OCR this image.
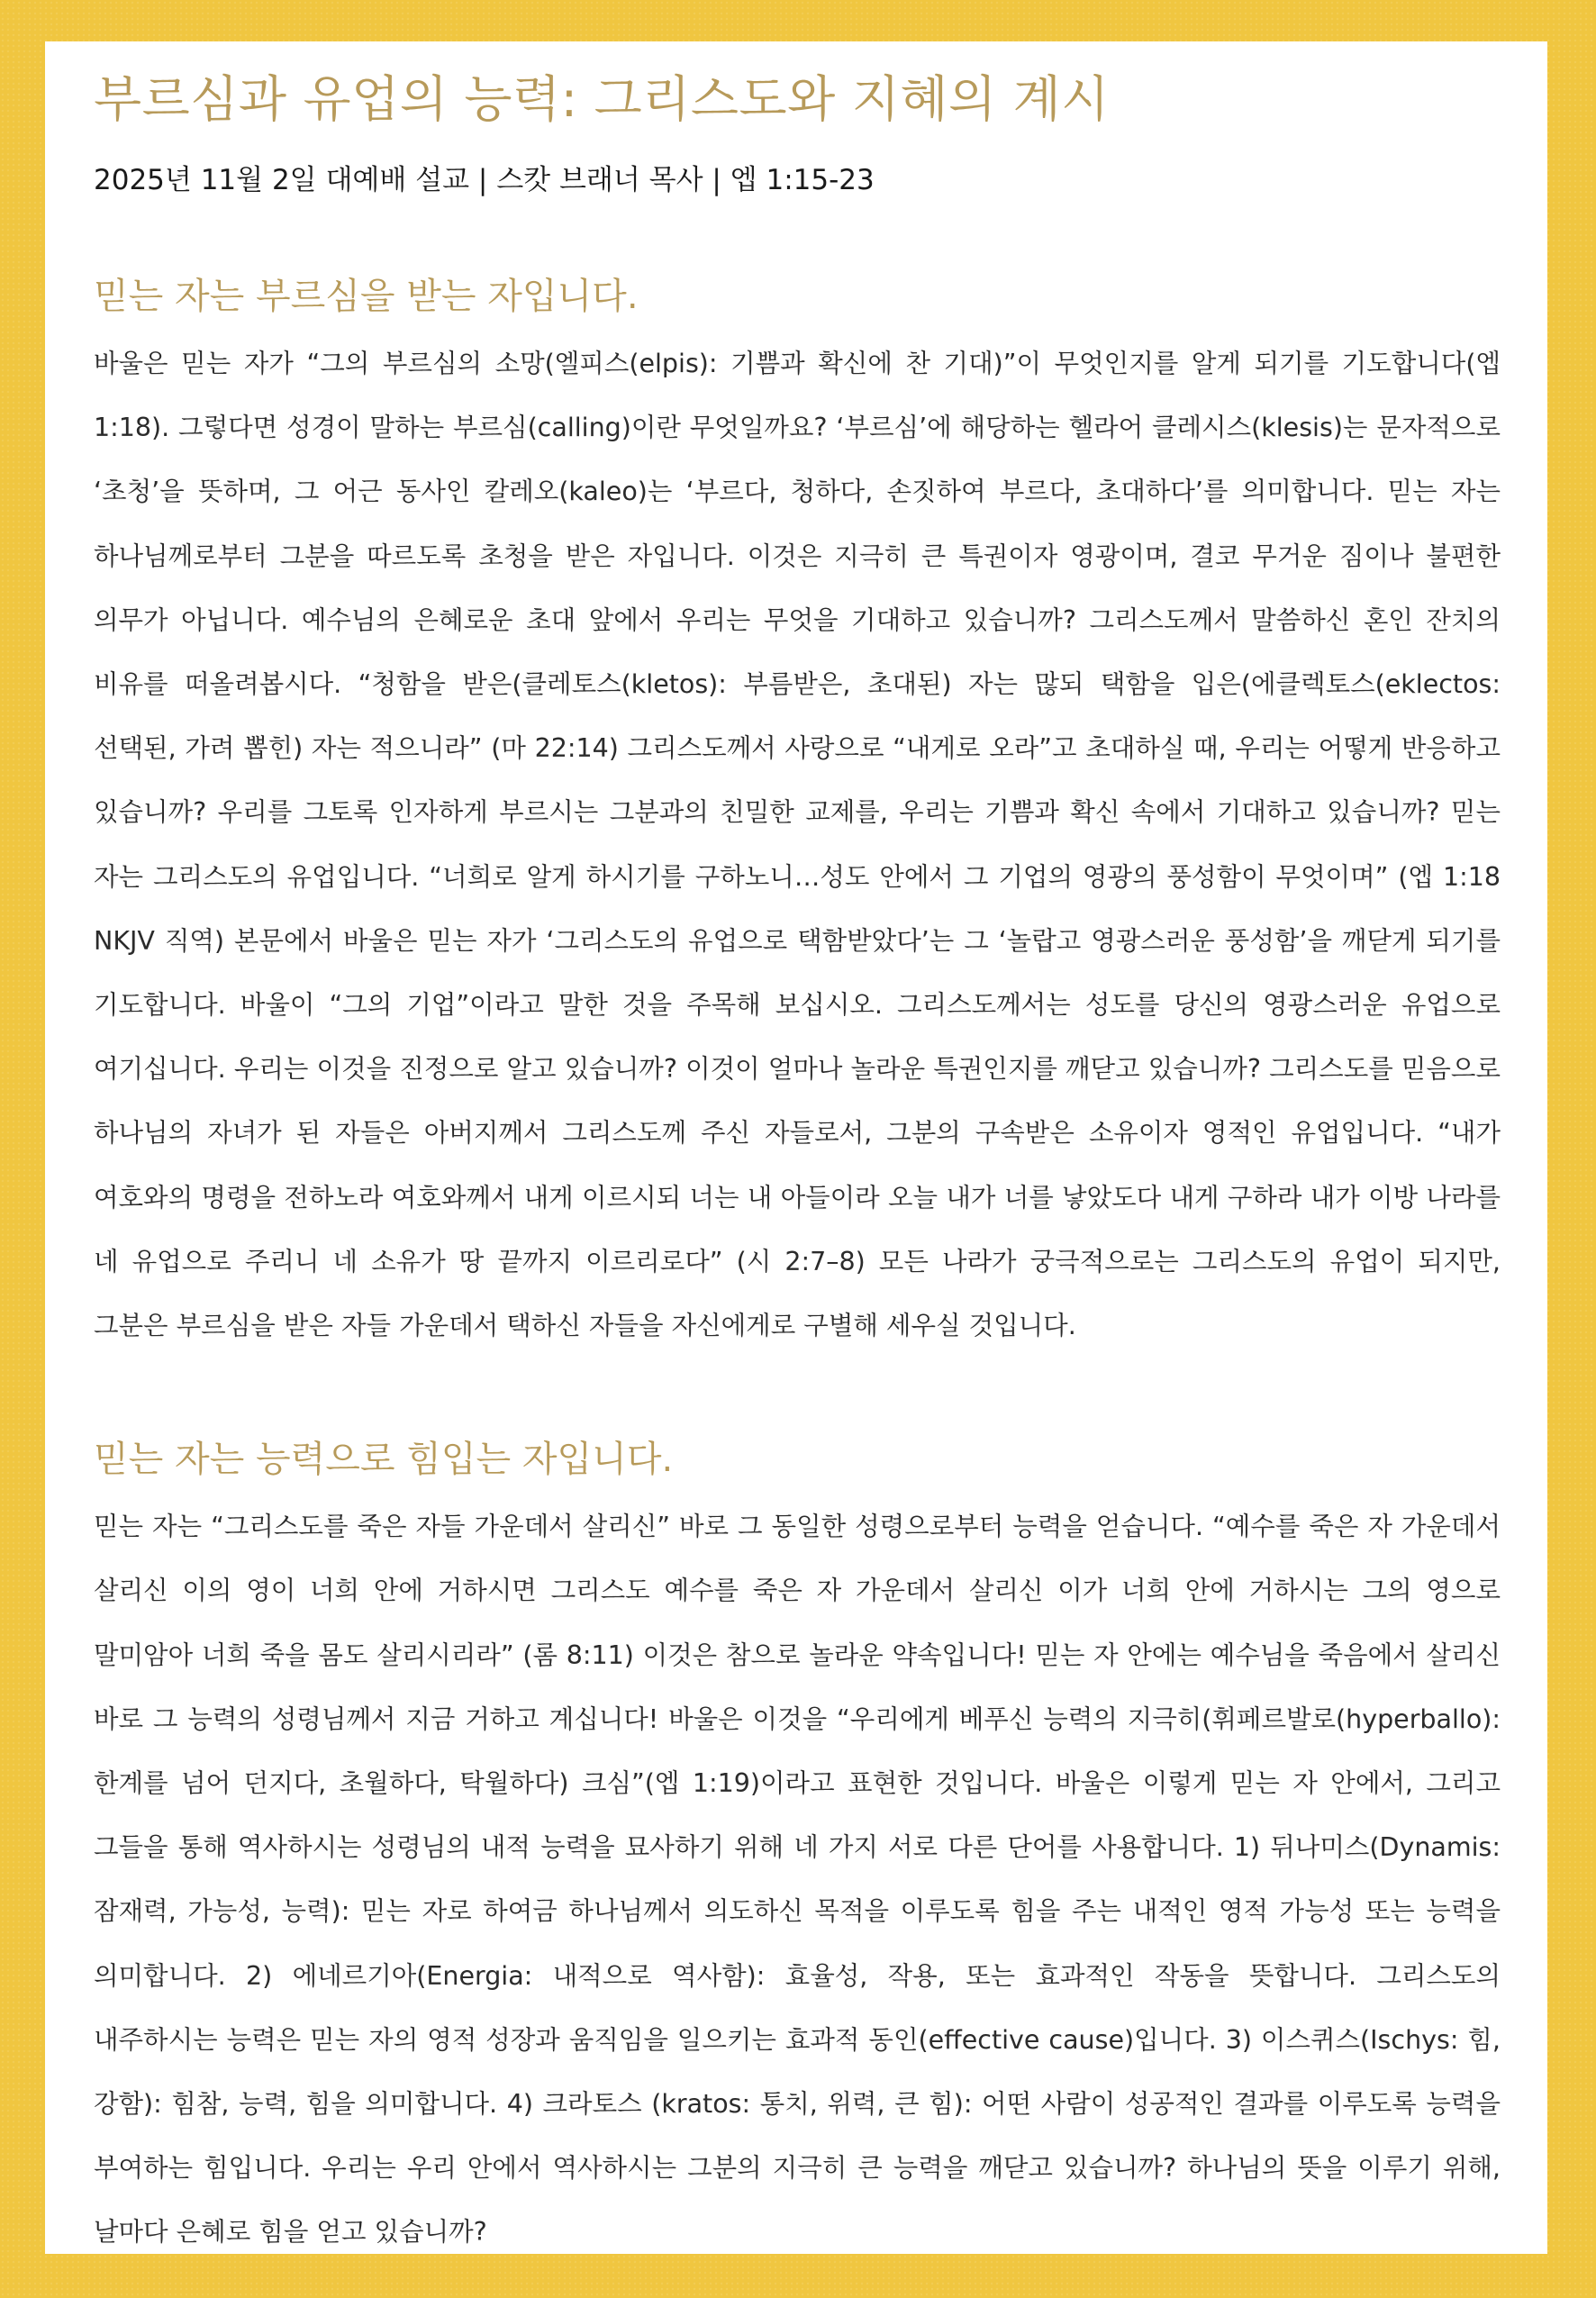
부르심과 유업의 능력: 그리스도와 지혜의 계시
2025년 11월 2일 대예배 설교 | 스캇 브래너 목사 | 엡 1:15-23
믿는 자는 부르심을 받는 자입니다.

바울은 믿는 자가 “그의 부르심의 소망(엘피스(elpis): 기쁨과 확신에 찬 기대)”이 무엇인지를 알게 되기를 기도합니다(엡 1:18). 그렇다면 성경이 말하는 부르심(calling)이란 무엇일까요? ‘부르심’에 해당하는 헬라어 클레시스(klesis)는 문자적으로 ‘초청’을 뜻하며, 그 어근 동사인 칼레오(kaleo)는 ‘부르다, 청하다, 손짓하여 부르다, 초대하다’를 의미합니다. 믿는 자는 하나님께로부터 그분을 따르도록 초청을 받은 자입니다. 이것은 지극히 큰 특권이자 영광이며, 결코 무거운 짐이나 불편한 의무가 아닙니다. 예수님의 은혜로운 초대 앞에서 우리는 무엇을 기대하고 있습니까? 그리스도께서 말씀하신 혼인 잔치의 비유를 떠올려봅시다. “청함을 받은(클레토스(kletos): 부름받은, 초대된) 자는 많되 택함을 입은(에클렉토스(eklectos:선택된, 가려 뽑힌) 자는 적으니라” (마 22:14) 그리스도께서 사랑으로 “내게로 오라”고 초대하실 때, 우리는 어떻게 반응하고 있습니까? 우리를 그토록 인자하게 부르시는 그분과의 친밀한 교제를, 우리는 기쁨과 확신 속에서 기대하고 있습니까? 믿는 자는 그리스도의 유업입니다. “너희로 알게 하시기를 구하노니…성도 안에서 그 기업의 영광의 풍성함이 무엇이며” (엡 1:18 NKJV 직역) 본문에서 바울은 믿는 자가 ‘그리스도의 유업으로 택함받았다’는 그 ‘놀랍고 영광스러운 풍성함’을 깨닫게 되기를 기도합니다. 바울이 “그의 기업”이라고 말한 것을 주목해 보십시오. 그리스도께서는 성도를 당신의 영광스러운 유업으로 여기십니다. 우리는 이것을 진정으로 알고 있습니까? 이것이 얼마나 놀라운 특권인지를 깨닫고 있습니까? 그리스도를 믿음으로 하나님의 자녀가 된 자들은 아버지께서 그리스도께 주신 자들로서, 그분의 구속받은 소유이자 영적인 유업입니다. “내가 여호와의 명령을 전하노라 여호와께서 내게 이르시되 너는 내 아들이라 오늘 내가 너를 낳았도다 내게 구하라 내가 이방 나라를 네 유업으로 주리니 네 소유가 땅 끝까지 이르리로다” (시 2:7–8) 모든 나라가 궁극적으로는 그리스도의 유업이 되지만, 그분은 부르심을 받은 자들 가운데서 택하신 자들을 자신에게로 구별해 세우실 것입니다.

믿는 자는 능력으로 힘입는 자입니다.

믿는 자는 “그리스도를 죽은 자들 가운데서 살리신” 바로 그 동일한 성령으로부터 능력을 얻습니다. “예수를 죽은 자 가운데서 살리신 이의 영이 너희 안에 거하시면 그리스도 예수를 죽은 자 가운데서 살리신 이가 너희 안에 거하시는 그의 영으로 말미암아 너희 죽을 몸도 살리시리라” (롬 8:11) 이것은 참으로 놀라운 약속입니다! 믿는 자 안에는 예수님을 죽음에서 살리신 바로 그 능력의 성령님께서 지금 거하고 계십니다! 바울은 이것을 “우리에게 베푸신 능력의 지극히(휘페르발로(hyperballo): 한계를 넘어 던지다, 초월하다, 탁월하다) 크심”(엡 1:19)이라고 표현한 것입니다. 바울은 이렇게 믿는 자 안에서, 그리고 그들을 통해 역사하시는 성령님의 내적 능력을 묘사하기 위해 네 가지 서로 다른 단어를 사용합니다. 1) 뒤나미스(Dynamis: 잠재력, 가능성, 능력): 믿는 자로 하여금 하나님께서 의도하신 목적을 이루도록 힘을 주는 내적인 영적 가능성 또는 능력을 의미합니다. 2) 에네르기아(Energia: 내적으로 역사함): 효율성, 작용, 또는 효과적인 작동을 뜻합니다. 그리스도의 내주하시는 능력은 믿는 자의 영적 성장과 움직임을 일으키는 효과적 동인(effective cause)입니다. 3) 이스퀴스(Ischys: 힘, 강함): 힘참, 능력, 힘을 의미합니다. 4) 크라토스 (kratos: 통치, 위력, 큰 힘): 어떤 사람이 성공적인 결과를 이루도록 능력을 부여하는 힘입니다. 우리는 우리 안에서 역사하시는 그분의 지극히 큰 능력을 깨닫고 있습니까? 하나님의 뜻을 이루기 위해, 날마다 은혜로 힘을 얻고 있습니까?
